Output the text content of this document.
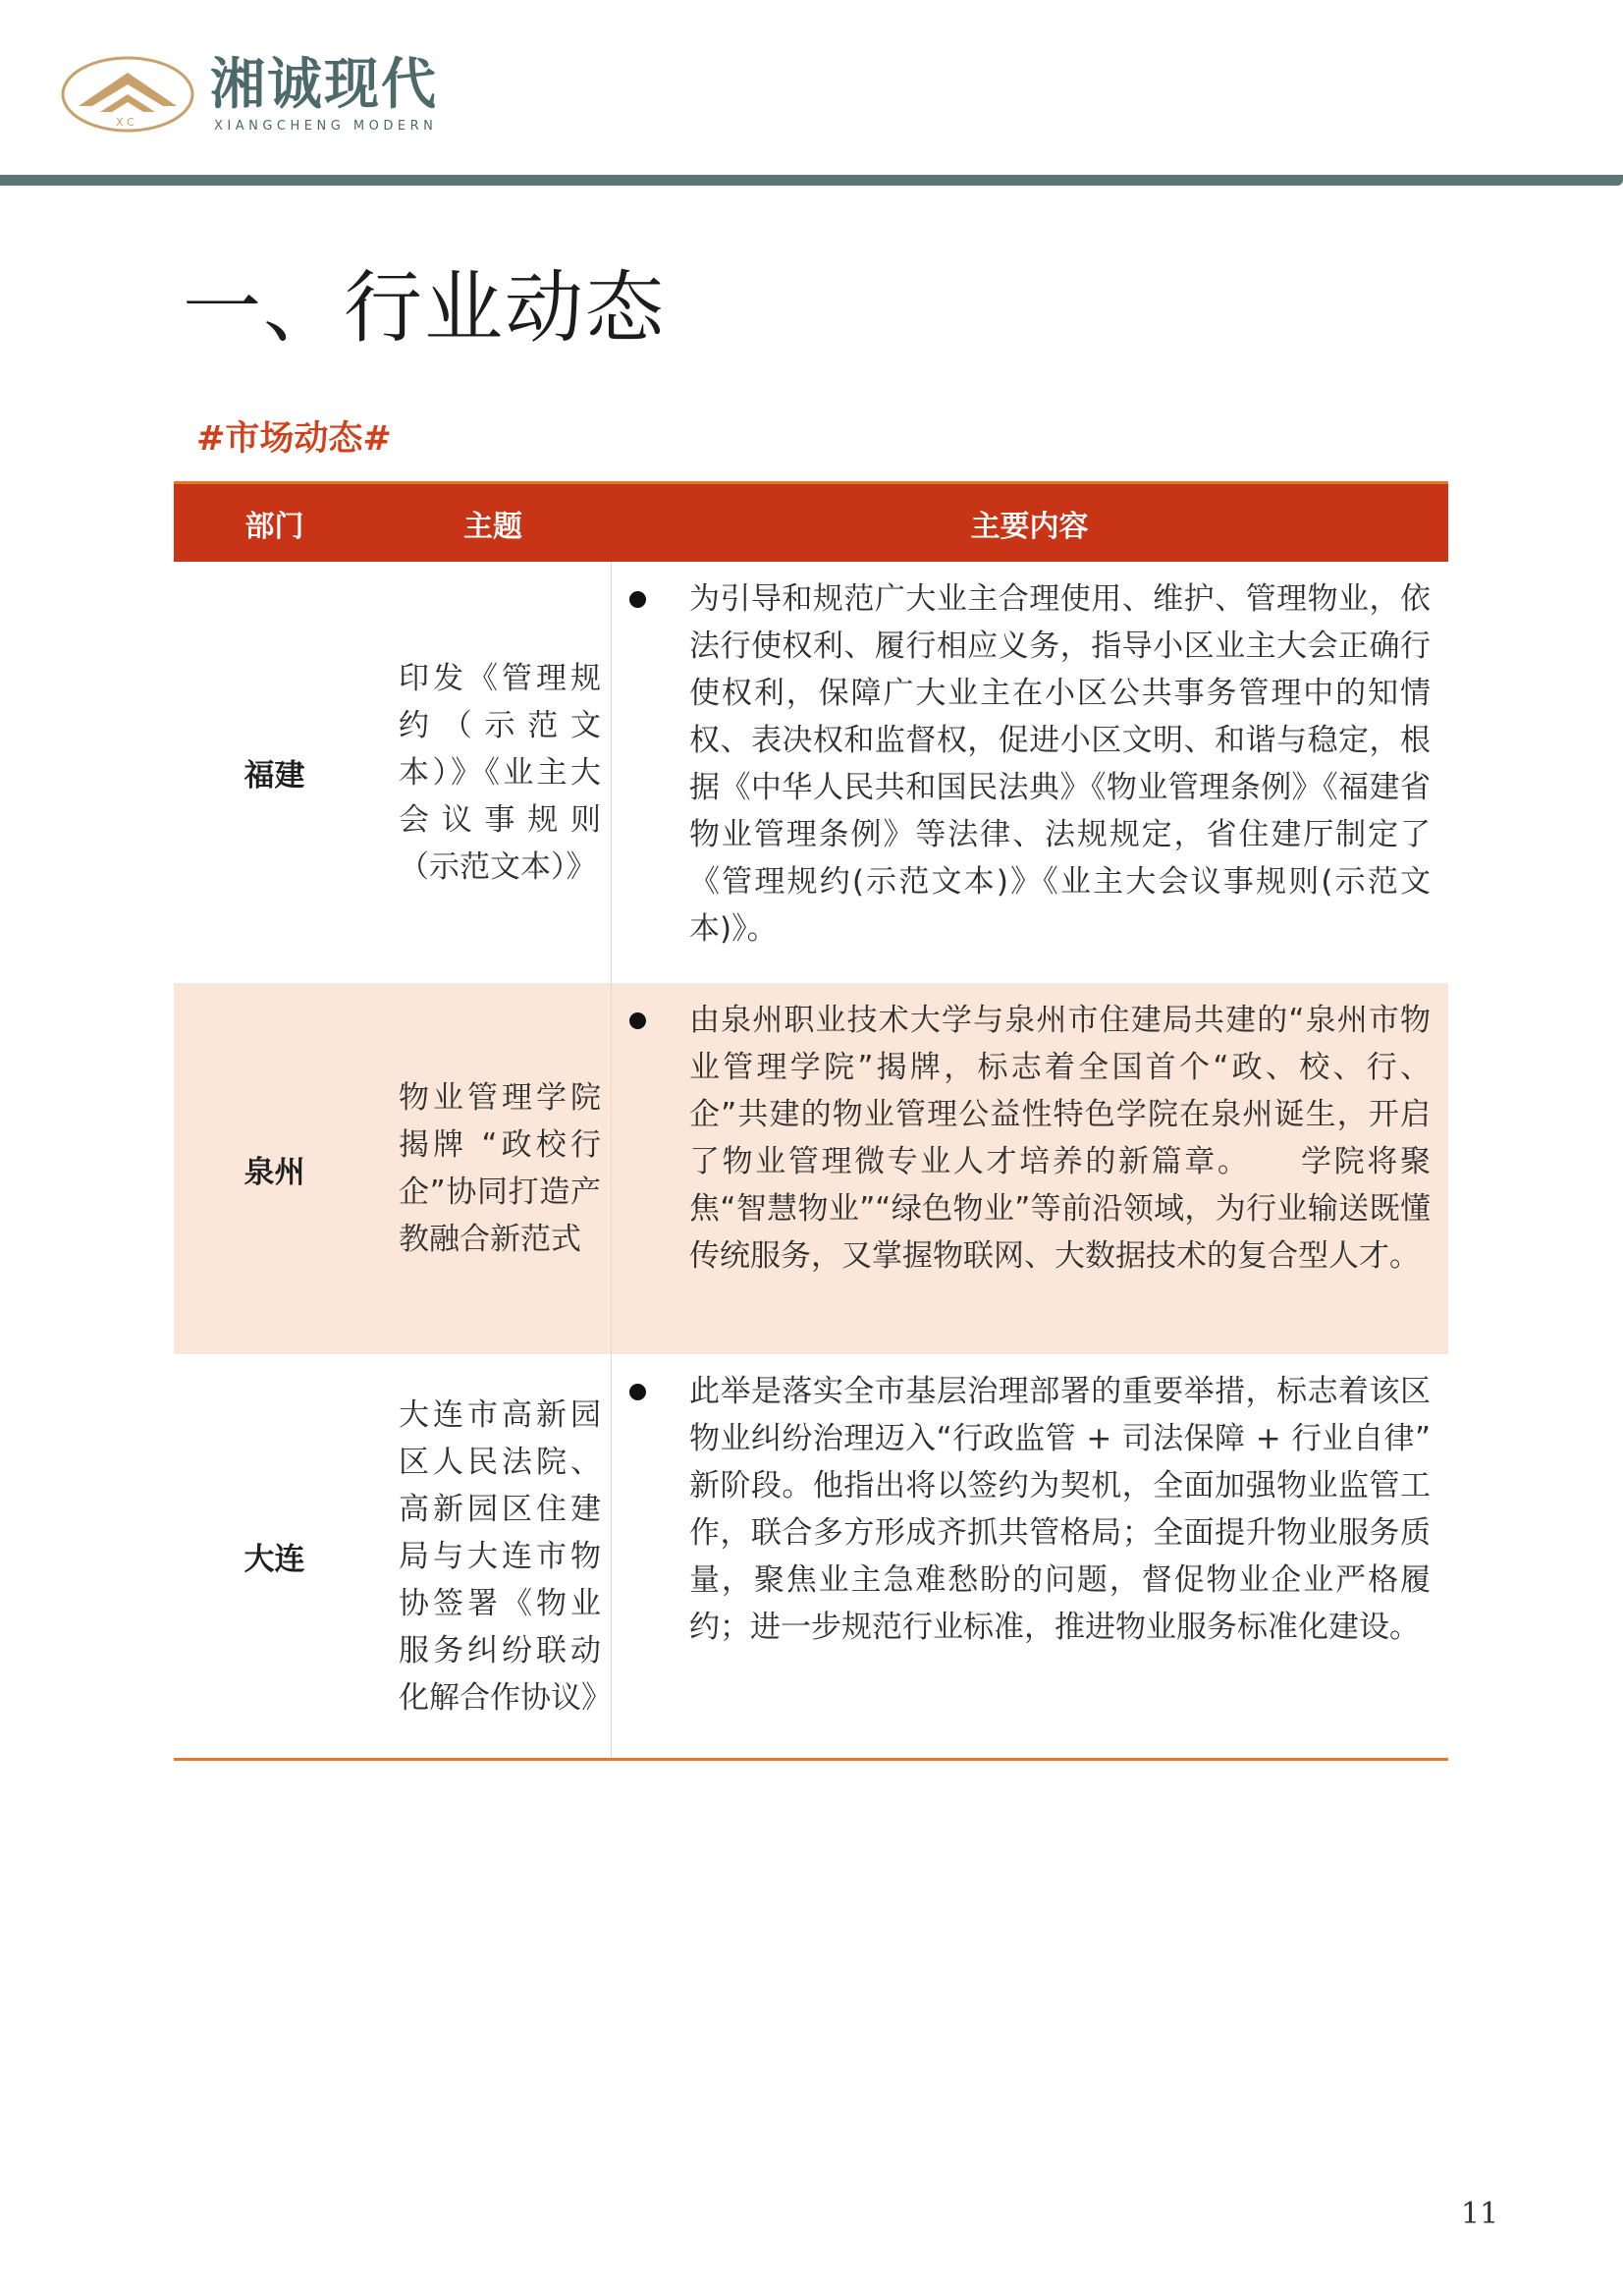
X C
湘诚现代
XIANGCHENG MODERN
一、行业动态
#市场动态#
部门	主题	主要内容
福建
印发《管理规约（示范文本）》《业主大会议事规则（示范文本）》
为引导和规范广大业主合理使用、维护、管理物业，依法行使权利、履行相应义务，指导小区业主大会正确行使权利，保障广大业主在小区公共事务管理中的知情权、表决权和监督权，促进小区文明、和谐与稳定，根据《中华人民共和国民法典》《物业管理条例》《福建省物业管理条例》等法律、法规规定，省住建厅制定了《管理规约(示范文本)》《业主大会议事规则(示范文本)》。
泉州
物业管理学院揭牌 “政校行企”协同打造产教融合新范式
由泉州职业技术大学与泉州市住建局共建的“泉州市物业管理学院”揭牌，标志着全国首个“政、校、行、企”共建的物业管理公益性特色学院在泉州诞生，开启了物业管理微专业人才培养的新篇章。　　学院将聚焦“智慧物业”“绿色物业”等前沿领域，为行业输送既懂传统服务，又掌握物联网、大数据技术的复合型人才。
大连
大连市高新园区人民法院、高新园区住建局与大连市物协签署《物业服务纠纷联动化解合作协议》
此举是落实全市基层治理部署的重要举措，标志着该区物业纠纷治理迈入“行政监管 + 司法保障 + 行业自律” 新阶段。他指出将以签约为契机，全面加强物业监管工作，联合多方形成齐抓共管格局；全面提升物业服务质量，聚焦业主急难愁盼的问题，督促物业企业严格履约；进一步规范行业标准，推进物业服务标准化建设。
11
